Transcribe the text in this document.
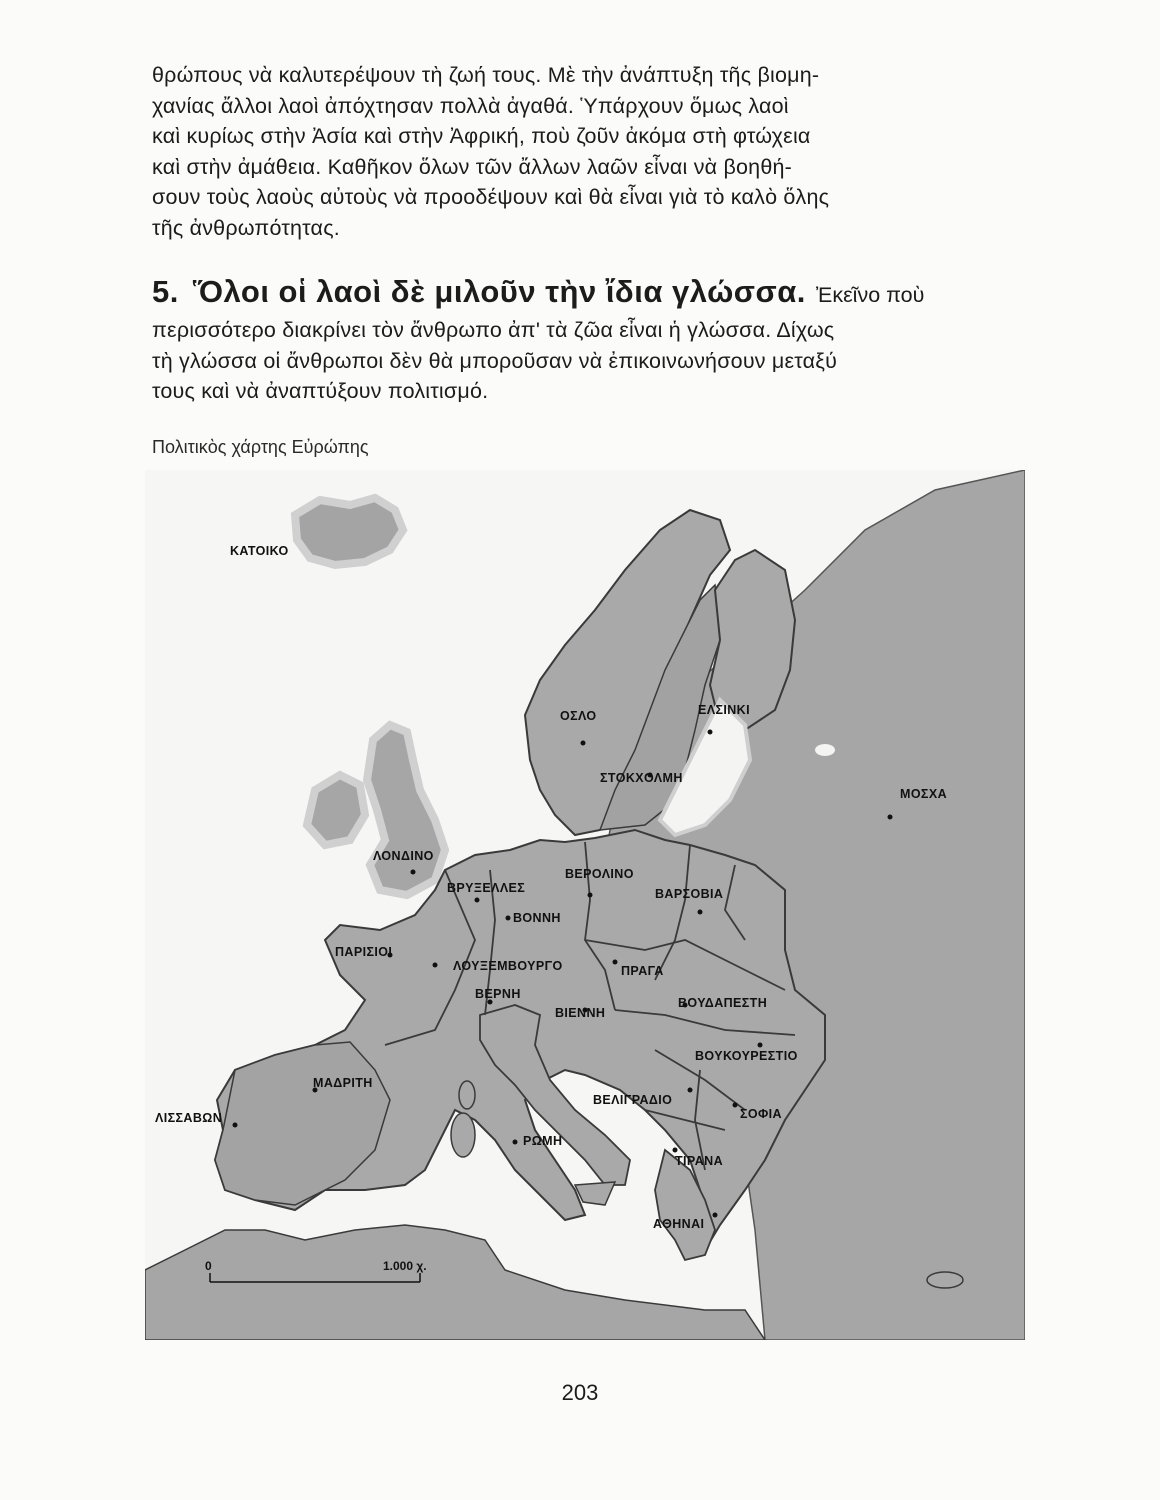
θρώπους νὰ καλυτερέψουν τὴ ζωή τους. Μὲ τὴν ἀνάπτυξη τῆς βιομη-
χανίας ἄλλοι λαοὶ ἀπόχτησαν πολλὰ ἀγαθά. Ὑπάρχουν ὅμως λαοὶ
καὶ κυρίως στὴν Ἀσία καὶ στὴν Ἀφρική, ποὺ ζοῦν ἀκόμα στὴ φτώχεια
καὶ στὴν ἀμάθεια. Καθῆκον ὅλων τῶν ἄλλων λαῶν εἶναι νὰ βοηθή-
σουν τοὺς λαοὺς αὐτοὺς νὰ προοδέψουν καὶ θὰ εἶναι γιὰ τὸ καλὸ ὅλης
τῆς ἀνθρωπότητας.
5. Ὅλοι οἱ λαοὶ δὲ μιλοῦν τὴν ἴδια γλώσσα. Ἐκεῖνο ποὺ
περισσότερο διακρίνει τὸν ἄνθρωπο ἀπ' τὰ ζῶα εἶναι ἡ γλώσσα. Δίχως
τὴ γλώσσα οἱ ἄνθρωποι δὲν θὰ μποροῦσαν νὰ ἐπικοινωνήσουν μεταξύ
τους καὶ νὰ ἀναπτύξουν πολιτισμό.
Πολιτικὸς χάρτης Εὐρώπης
ΚΑΤΟΙΚΟ
ΟΣΛΟ	ΕΛΣΙΝΚΙ
ΣΤΟΚΧΟΛΜΗ
ΜΟΣΧΑ
ΛΟΝΔΙΝΟ
ΒΡΥΞΕΛΛΕΣ
ΒΕΡΟΛΙΝΟ
ΒΑΡΣΟΒΙΑ
ΒΟΝΝΗ
ΠΑΡΙΣΙΟΙ
ΛΟΥΞΕΜΒΟΥΡΓΟ	ΠΡΑΓΑ
ΒΕΡΝΗ
ΒΙΕΝΝΗ
ΒΟΥΔΑΠΕΣΤΗ
ΒΟΥΚΟΥΡΕΣΤΙΟ
ΜΑΔΡΙΤΗ
ΒΕΛΙΓΡΑΔΙΟ
ΛΙΣΣΑΒΩΝ	ΣΟΦΙΑ
ΡΩΜΗ
ΤΙΡΑΝΑ
ΑΘΗΝΑΙ
0	1.000 χ.
203
